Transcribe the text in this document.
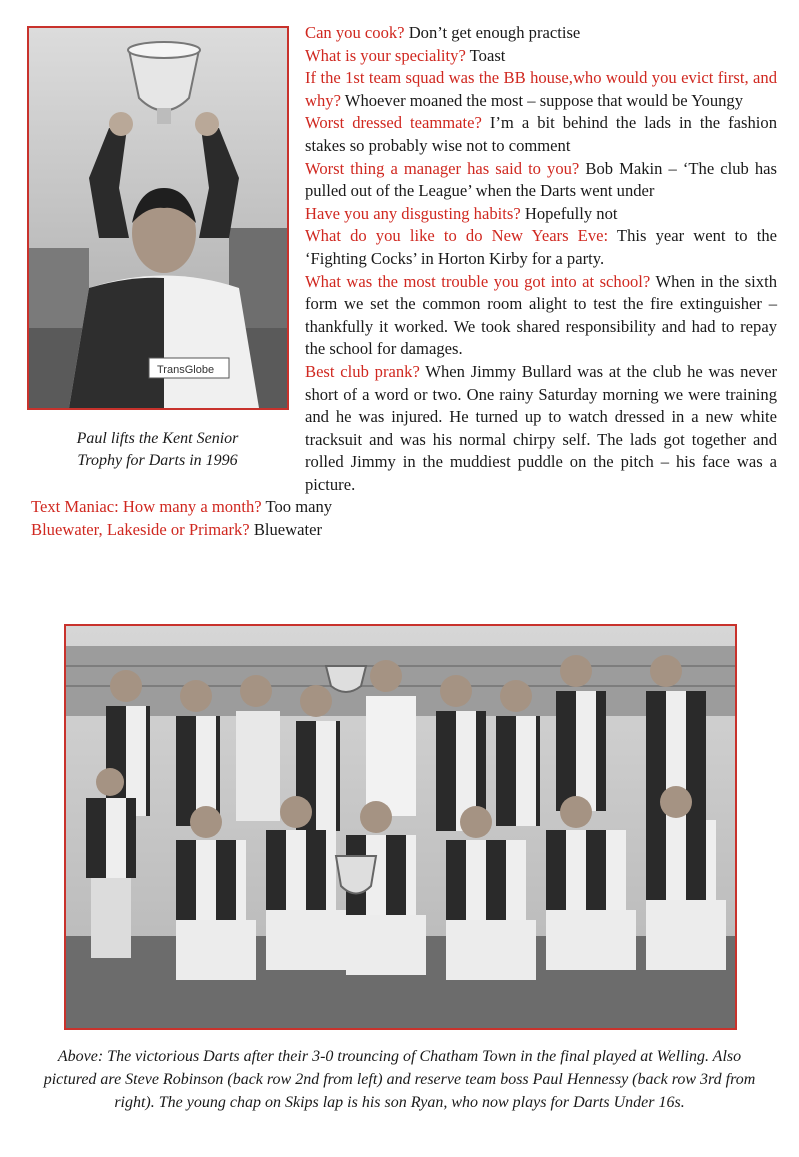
Can you cook? Don’t get enough practise

What is your speciality? Toast

If the 1st team squad was the BB house,who would you evict first, and why? Whoever moaned the most – suppose that would be Youngy

Worst dressed teammate? I’m a bit behind the lads in the fashion stakes so probably wise not to comment

Worst thing a manager has said to you? Bob Makin – ‘The club has pulled out of the League’ when the Darts went under

Have you any disgusting habits? Hopefully not

What do you like to do New Years Eve: This year went to the ‘Fighting Cocks’ in Horton Kirby for a party.

What was the most trouble you got into at school? When in the sixth form we set the common room alight to test the fire extinguisher – thankfully it worked. We took shared responsibility and had to repay the school for damages.

Best club prank? When Jimmy Bullard was at the club he was never short of a word or two. One rainy Saturday morning we were training and he was injured. He turned up to watch dressed in a new white tracksuit and was his normal chirpy self. The lads got together and rolled Jimmy in the muddiest puddle on the pitch – his face was a picture.

Text Maniac: How many a month? Too many

Bluewater, Lakeside or Primark? Bluewater

TransGlobe
Paul lifts the Kent Senior
Trophy for Darts in 1996
Above: The victorious Darts after their 3-0 trouncing of Chatham Town in the final played at Welling. Also pictured are Steve Robinson (back row 2nd from left) and reserve team boss Paul Hennessy (back row 3rd from right). The young chap on Skips lap is his son Ryan, who now plays for Darts Under 16s.
